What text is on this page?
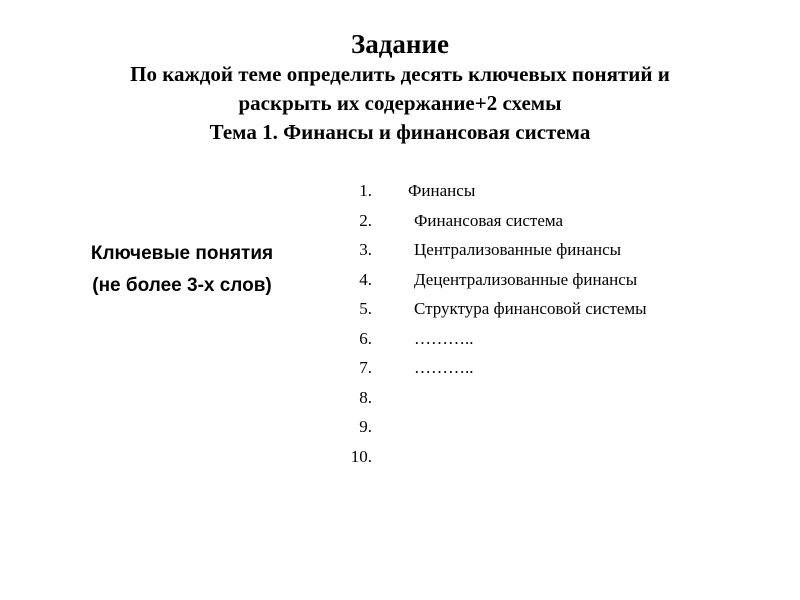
Задание
По каждой теме определить десять ключевых понятий и
раскрыть их содержание+2 схемы
Тема 1. Финансы и финансовая система
Ключевые понятия
(не более 3-х слов)
1. Финансы
2. Финансовая система
3. Централизованные финансы
4. Децентрализованные финансы
5. Структура финансовой системы
6. ………..
7. ………..
8.
9.
10.
